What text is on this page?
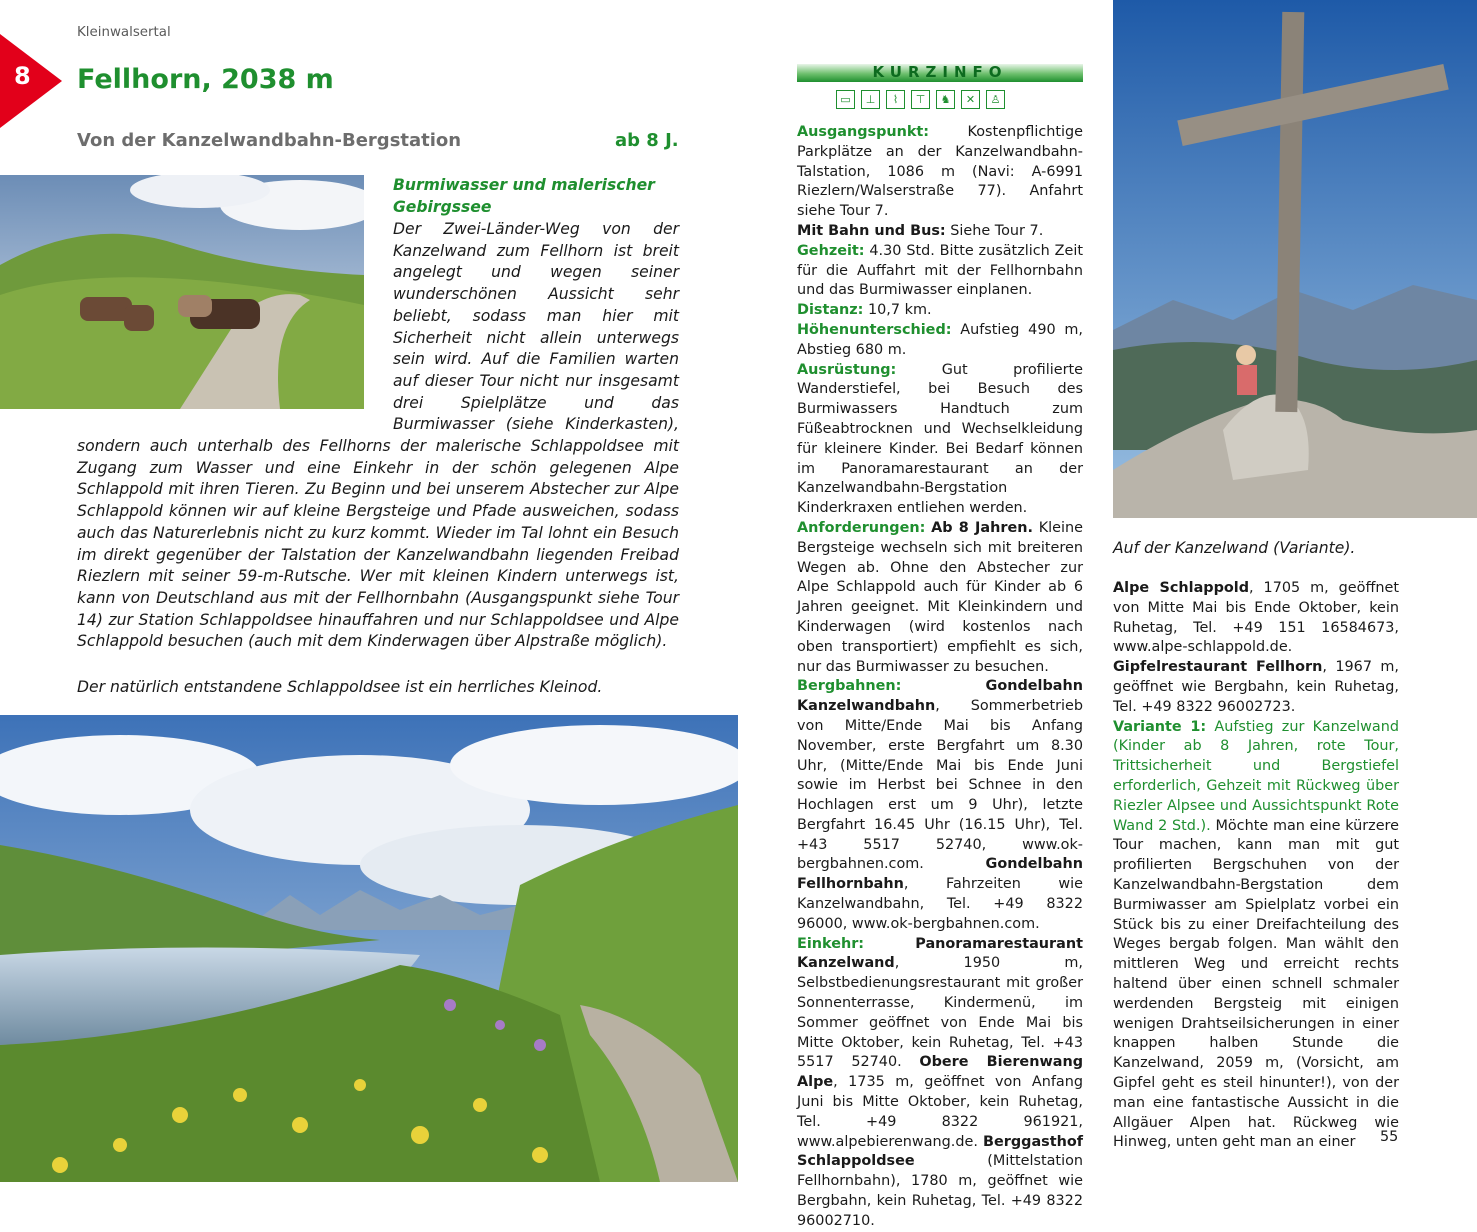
Kleinwalsertal
8 Fellhorn, 2038 m
Von der Kanzelwandbahn-Bergstation	ab 8 J.
Burmiwasser und malerischer
Gebirgssee

Der Zwei-Länder-Weg von der Kanzelwand zum Fellhorn ist breit angelegt und wegen seiner wunderschönen Aussicht sehr beliebt, sodass man hier mit Sicherheit nicht allein unterwegs sein wird. Auf die Familien warten auf dieser Tour nicht nur insgesamt drei Spielplätze und das Burmiwasser (siehe Kinderkasten), sondern auch unterhalb des Fellhorns der malerische Schlappoldsee mit Zugang zum Wasser und eine Einkehr in der schön gelegenen Alpe Schlappold mit ihren Tieren. Zu Beginn und bei unserem Abstecher zur Alpe Schlappold können wir auf kleine Bergsteige und Pfade ausweichen, sodass auch das Naturerlebnis nicht zu kurz kommt. Wieder im Tal lohnt ein Besuch im direkt gegenüber der Talstation der Kanzelwandbahn liegenden Freibad Riezlern mit seiner 59-m-Rutsche. Wer mit kleinen Kindern unterwegs ist, kann von Deutschland aus mit der Fellhornbahn (Ausgangspunkt siehe Tour 14) zur Station Schlappoldsee hinauffahren und nur Schlappoldsee und Alpe Schlappold besuchen (auch mit dem Kinderwagen über Alpstraße möglich).

Der natürlich entstandene Schlappoldsee ist ein herrliches Kleinod.
KURZINFO
▭	⊥	⌇	⊤	♞	✕	♙

Ausgangspunkt:	Kostenpflichtige Parkplätze an der Kanzelwandbahn-Talstation, 1086 m (Navi: A-6991 Riezlern/Walserstraße 77). Anfahrt siehe Tour 7.

Mit Bahn und Bus: Siehe Tour 7.

Gehzeit: 4.30 Std. Bitte zusätzlich Zeit für die Auffahrt mit der Fellhornbahn und das Burmiwasser einplanen.

Distanz: 10,7 km.

Höhenunterschied: Aufstieg 490 m, Abstieg 680 m.

Ausrüstung:	Gut profilierte Wanderstiefel, bei Besuch des Burmiwassers Handtuch zum Füßeabtrocknen und Wechselkleidung für kleinere Kinder. Bei Bedarf können im Panoramarestaurant an der Kanzelwandbahn-Bergstation Kinderkraxen entliehen werden.

Anforderungen: Ab 8 Jahren. Kleine Bergsteige wechseln sich mit breiteren Wegen ab. Ohne den Abstecher zur Alpe Schlappold auch für Kinder ab 6 Jahren geeignet. Mit Kleinkindern und Kinderwagen (wird kostenlos nach oben transportiert) empfiehlt es sich, nur das Burmiwasser zu besuchen.

Bergbahnen:	Gondelbahn Kanzelwandbahn, Sommerbetrieb von Mitte/Ende Mai bis Anfang November, erste Bergfahrt um 8.30 Uhr, (Mitte/Ende Mai bis Ende Juni sowie im Herbst bei Schnee in den Hochlagen erst um 9 Uhr), letzte Bergfahrt 16.45 Uhr (16.15 Uhr), Tel. +43 5517 52740, www.ok-bergbahnen.com.	Gondelbahn Fellhornbahn, Fahrzeiten wie Kanzelwandbahn, Tel. +49 8322 96000, www.ok-bergbahnen.com.

Einkehr:	Panoramarestaurant Kanzelwand, 1950 m, Selbstbedienungsrestaurant mit großer Sonnenterrasse, Kindermenü, im Sommer geöffnet von Ende Mai bis Mitte Oktober, kein Ruhetag, Tel. +43 5517 52740. Obere Bierenwang Alpe, 1735 m, geöffnet von Anfang Juni bis Mitte Oktober, kein Ruhetag, Tel. +49 8322 961921, www.alpebierenwang.de. Berggasthof Schlappoldsee (Mittelstation Fellhornbahn), 1780 m, geöffnet wie Bergbahn, kein Ruhetag, Tel. +49 8322 96002710.

Auf der Kanzelwand (Variante).

Alpe Schlappold, 1705 m, geöffnet von Mitte Mai bis Ende Oktober, kein Ruhetag, Tel. +49 151 16584673, www.alpe-schlappold.de. Gipfelrestaurant Fellhorn, 1967 m, geöffnet wie Bergbahn, kein Ruhetag, Tel. +49 8322 96002723.

Variante 1: Aufstieg zur Kanzelwand (Kinder ab 8 Jahren, rote Tour, Trittsicherheit und Bergstiefel erforderlich, Gehzeit mit Rückweg über Riezler Alpsee und Aussichtspunkt Rote Wand 2 Std.). Möchte man eine kürzere Tour machen, kann man mit gut profilierten Bergschuhen von der Kanzelwandbahn-Bergstation dem Burmiwasser am Spielplatz vorbei ein Stück bis zu einer Dreifachteilung des Weges bergab folgen. Man wählt den mittleren Weg und erreicht rechts haltend über einen schnell schmaler werdenden Bergsteig mit einigen wenigen Drahtseilsicherungen in einer knappen halben Stunde die Kanzelwand, 2059 m, (Vorsicht, am Gipfel geht es steil hinunter!), von der man eine fantastische Aussicht in die Allgäuer Alpen hat. Rückweg wie Hinweg, unten geht man an einer	55
